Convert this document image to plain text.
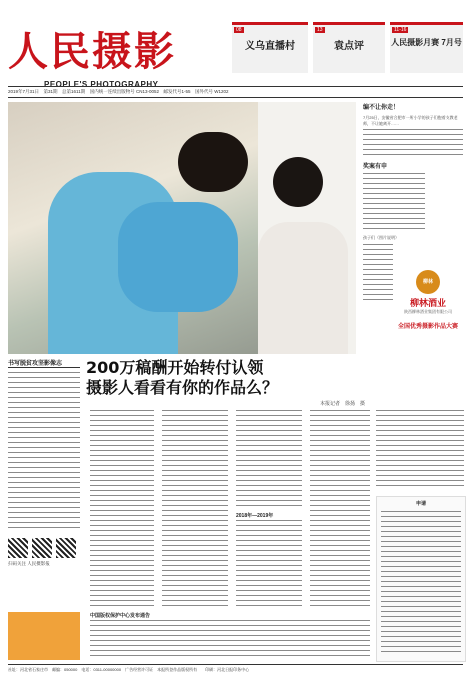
人民摄影
PEOPLE'S PHOTOGRAPHY
08
义乌直播村
13
袁点评
11-16
人民摄影月赛 7月号
2019年7月31日　第31期　总第1611期　国内统一连续出版物号 CN13-0052　邮发代号1-55　国外代号 W1202
编不让你走！
7月25日，安徽省合肥市一所小学的孩子们抱着支教老师，不让她离开……
奖案有申
孩子们（图片说明）
柳林
柳林酒业
陕西柳林酒业集团有限公司
全国优秀摄影作品大赛
书写脱贫攻坚影像志
扫码关注 人民摄影报
200万稿酬开始转付认领
摄影人看看有你的作品么？
本报记者　徐扬　摄
2018年—2019年
申请
中国版权保护中心发布通告
社址：河北省石家庄市　邮编：050000　电话：0311-00000000　广告经营许可证　本报所登作品版权所有　　印刷：河北日报印务中心
